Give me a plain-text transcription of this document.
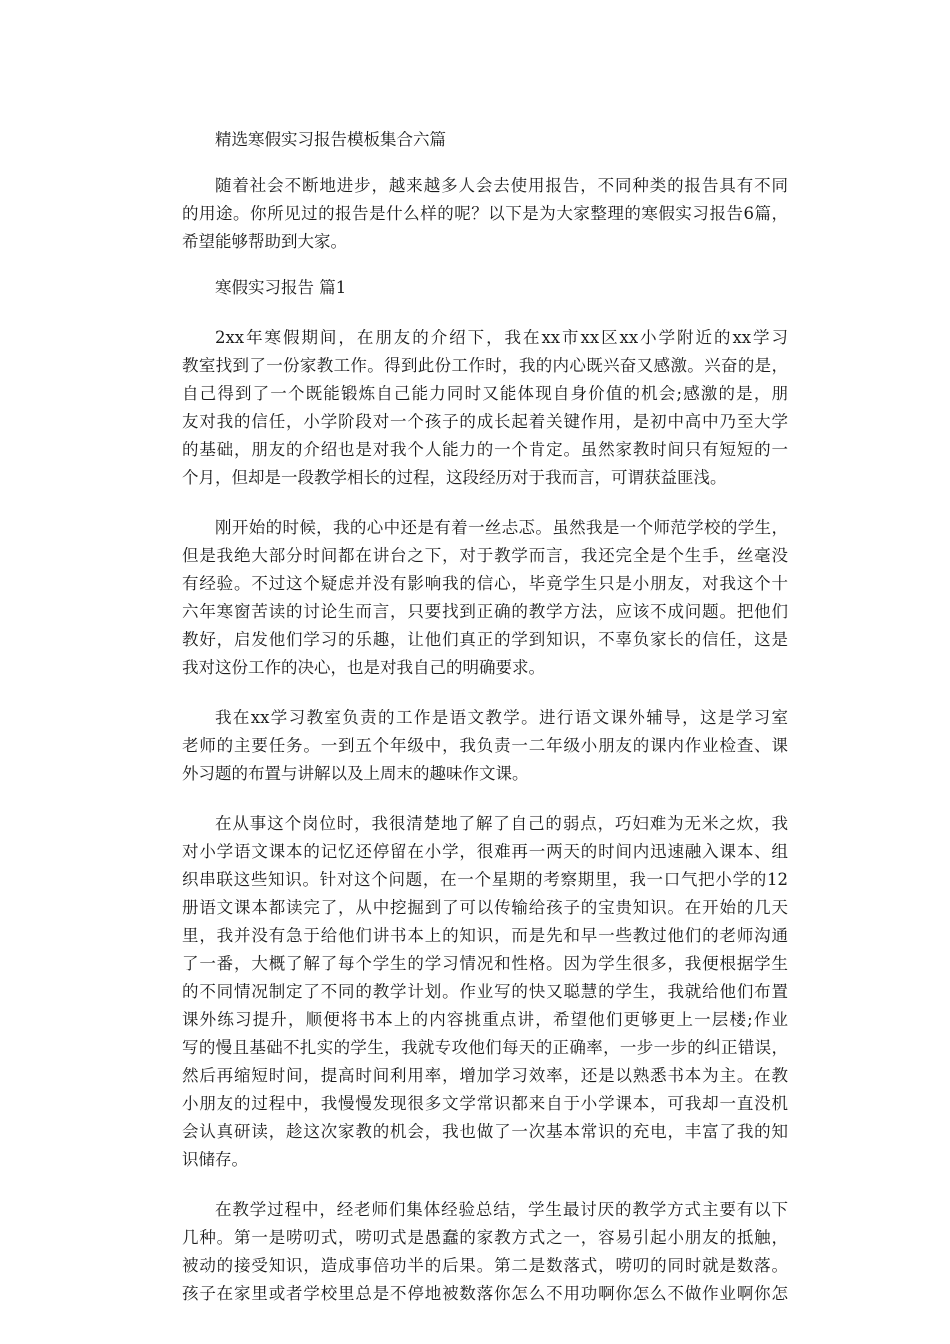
精选寒假实习报告模板集合六篇
随着社会不断地进步，越来越多人会去使用报告，不同种类的报告具有不同
的用途。你所见过的报告是什么样的呢？以下是为大家整理的寒假实习报告6篇，
希望能够帮助到大家。
寒假实习报告 篇1
2xx年寒假期间，在朋友的介绍下，我在xx市xx区xx小学附近的xx学习
教室找到了一份家教工作。得到此份工作时，我的内心既兴奋又感激。兴奋的是，
自己得到了一个既能锻炼自己能力同时又能体现自身价值的机会;感激的是，朋
友对我的信任，小学阶段对一个孩子的成长起着关键作用，是初中高中乃至大学
的基础，朋友的介绍也是对我个人能力的一个肯定。虽然家教时间只有短短的一
个月，但却是一段教学相长的过程，这段经历对于我而言，可谓获益匪浅。
刚开始的时候，我的心中还是有着一丝忐忑。虽然我是一个师范学校的学生，
但是我绝大部分时间都在讲台之下，对于教学而言，我还完全是个生手，丝毫没
有经验。不过这个疑虑并没有影响我的信心，毕竟学生只是小朋友，对我这个十
六年寒窗苦读的讨论生而言，只要找到正确的教学方法，应该不成问题。把他们
教好，启发他们学习的乐趣，让他们真正的学到知识，不辜负家长的信任，这是
我对这份工作的决心，也是对我自己的明确要求。
我在xx学习教室负责的工作是语文教学。进行语文课外辅导，这是学习室
老师的主要任务。一到五个年级中，我负责一二年级小朋友的课内作业检查、课
外习题的布置与讲解以及上周末的趣味作文课。
在从事这个岗位时，我很清楚地了解了自己的弱点，巧妇难为无米之炊，我
对小学语文课本的记忆还停留在小学，很难再一两天的时间内迅速融入课本、组
织串联这些知识。针对这个问题，在一个星期的考察期里，我一口气把小学的12
册语文课本都读完了，从中挖掘到了可以传输给孩子的宝贵知识。在开始的几天
里，我并没有急于给他们讲书本上的知识，而是先和早一些教过他们的老师沟通
了一番，大概了解了每个学生的学习情况和性格。因为学生很多，我便根据学生
的不同情况制定了不同的教学计划。作业写的快又聪慧的学生，我就给他们布置
课外练习提升，顺便将书本上的内容挑重点讲，希望他们更够更上一层楼;作业
写的慢且基础不扎实的学生，我就专攻他们每天的正确率，一步一步的纠正错误，
然后再缩短时间，提高时间利用率，增加学习效率，还是以熟悉书本为主。在教
小朋友的过程中，我慢慢发现很多文学常识都来自于小学课本，可我却一直没机
会认真研读，趁这次家教的机会，我也做了一次基本常识的充电，丰富了我的知
识储存。
在教学过程中，经老师们集体经验总结，学生最讨厌的教学方式主要有以下
几种。第一是唠叨式，唠叨式是愚蠢的家教方式之一，容易引起小朋友的抵触，
被动的接受知识，造成事倍功半的后果。第二是数落式，唠叨的同时就是数落。
孩子在家里或者学校里总是不停地被数落你怎么不用功啊你怎么不做作业啊你怎
